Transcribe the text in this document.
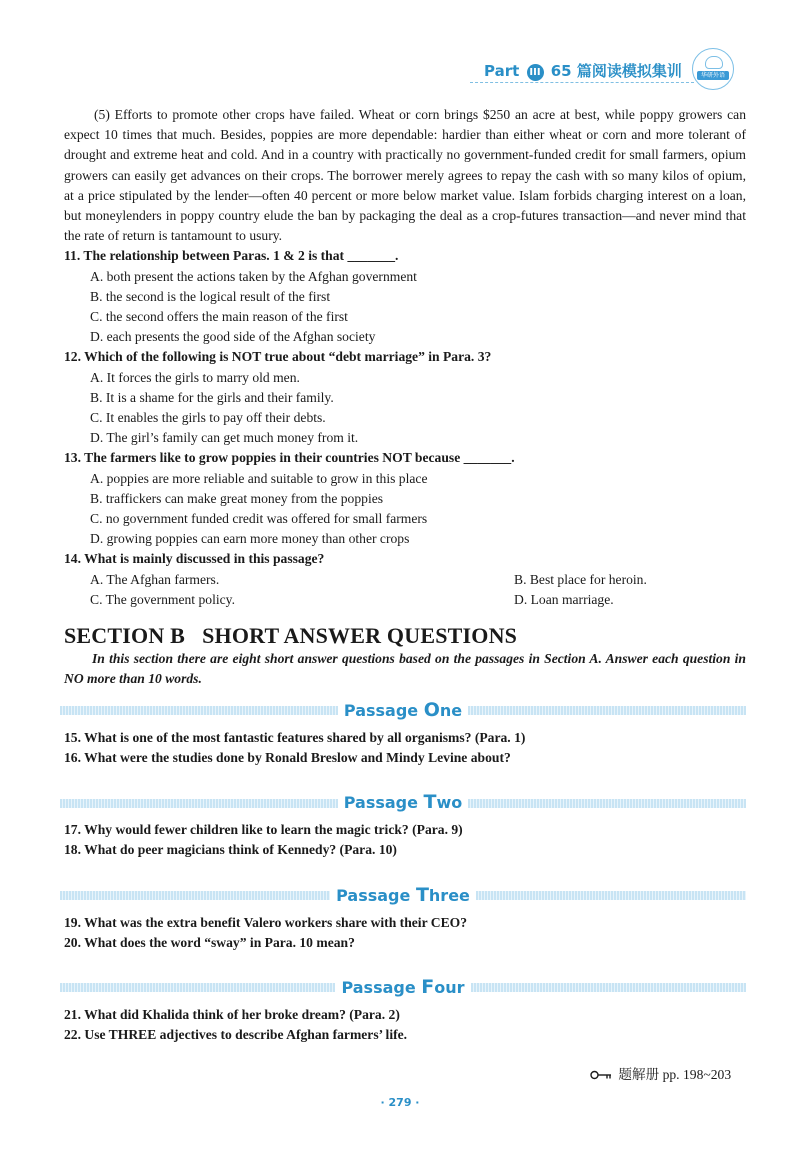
Part III 65 篇阅读模拟集训	华研外语

(5) Efforts to promote other crops have failed. Wheat or corn brings $250 an acre at best, while poppy growers can expect 10 times that much. Besides, poppies are more dependable: hardier than either wheat or corn and more tolerant of drought and extreme heat and cold. And in a country with practically no government-funded credit for small farmers, opium growers can easily get advances on their crops. The borrower merely agrees to repay the cash with so many kilos of opium, at a price stipulated by the lender—often 40 percent or more below market value. Islam forbids charging interest on a loan, but moneylenders in poppy country elude the ban by packaging the deal as a crop-futures transaction—and never mind that the rate of return is tantamount to usury.

11. The relationship between Paras. 1 & 2 is that _______.

A. both present the actions taken by the Afghan government

B. the second is the logical result of the first

C. the second offers the main reason of the first

D. each presents the good side of the Afghan society

12. Which of the following is NOT true about “debt marriage” in Para. 3?

A. It forces the girls to marry old men.

B. It is a shame for the girls and their family.

C. It enables the girls to pay off their debts.

D. The girl’s family can get much money from it.

13. The farmers like to grow poppies in their countries NOT because _______.

A. poppies are more reliable and suitable to grow in this place

B. traffickers can make great money from the poppies

C. no government funded credit was offered for small farmers

D. growing poppies can earn more money than other crops

14. What is mainly discussed in this passage?

A. The Afghan farmers.	B. Best place for heroin.
C. The government policy.	D. Loan marriage.
SECTION B   SHORT ANSWER QUESTIONS

In this section there are eight short answer questions based on the passages in Section A. Answer each question in NO more than 10 words.

Passage One

15. What is one of the most fantastic features shared by all organisms? (Para. 1)

16. What were the studies done by Ronald Breslow and Mindy Levine about?

Passage Two

17. Why would fewer children like to learn the magic trick? (Para. 9)

18. What do peer magicians think of Kennedy? (Para. 10)

Passage Three

19. What was the extra benefit Valero workers share with their CEO?

20. What does the word “sway” in Para. 10 mean?

Passage Four

21. What did Khalida think of her broke dream? (Para. 2)

22. Use THREE adjectives to describe Afghan farmers’ life.

题解册 pp. 198~203
· 279 ·
